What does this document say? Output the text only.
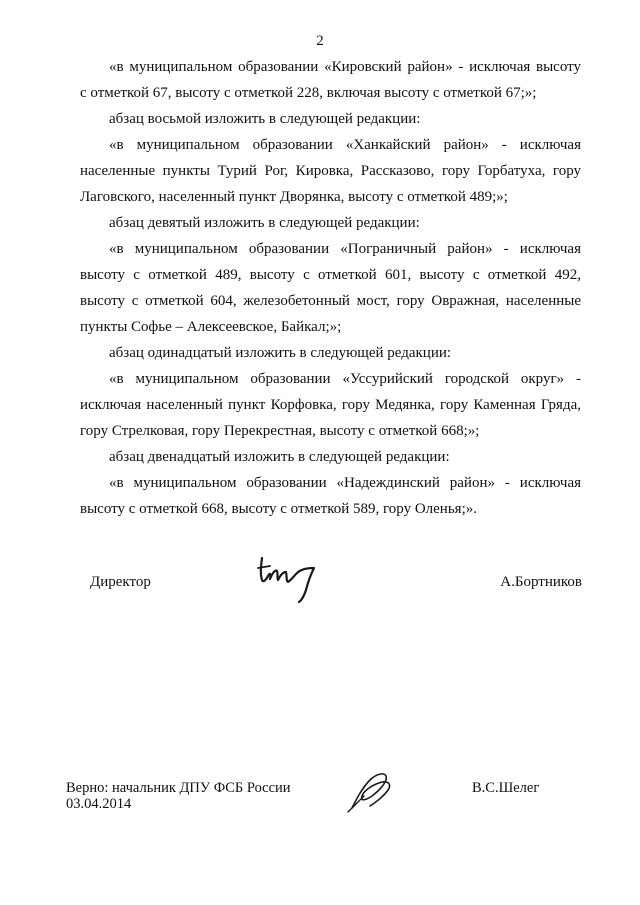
2

«в муниципальном образовании «Кировский район» - исключая высоту
с отметкой 67, высоту с отметкой 228, включая высоту с отметкой 67;»;

абзац восьмой изложить в следующей редакции:

«в муниципальном образовании «Ханкайский район» - исключая
населенные пункты Турий Рог, Кировка, Рассказово, гору Горбатуха, гору
Лаговского, населенный пункт Дворянка, высоту с отметкой 489;»;

абзац девятый изложить в следующей редакции:

«в муниципальном образовании «Пограничный район» - исключая
высоту с отметкой 489, высоту с отметкой 601, высоту с отметкой 492,
высоту с отметкой 604, железобетонный мост, гору Овражная, населенные
пункты Софье – Алексеевское, Байкал;»;

абзац одинадцатый изложить в следующей редакции:

«в муниципальном образовании «Уссурийский городской округ» -
исключая населенный пункт Корфовка, гору Медянка, гору Каменная Гряда,
гору Стрелковая, гору Перекрестная, высоту с отметкой 668;»;

абзац двенадцатый изложить в следующей редакции:

«в муниципальном образовании «Надеждинский район» - исключая
высоту с отметкой 668, высоту с отметкой 589, гору Оленья;».

Директор	А.Бортников
Верно: начальник ДПУ ФСБ России
03.04.2014
В.С.Шелег
